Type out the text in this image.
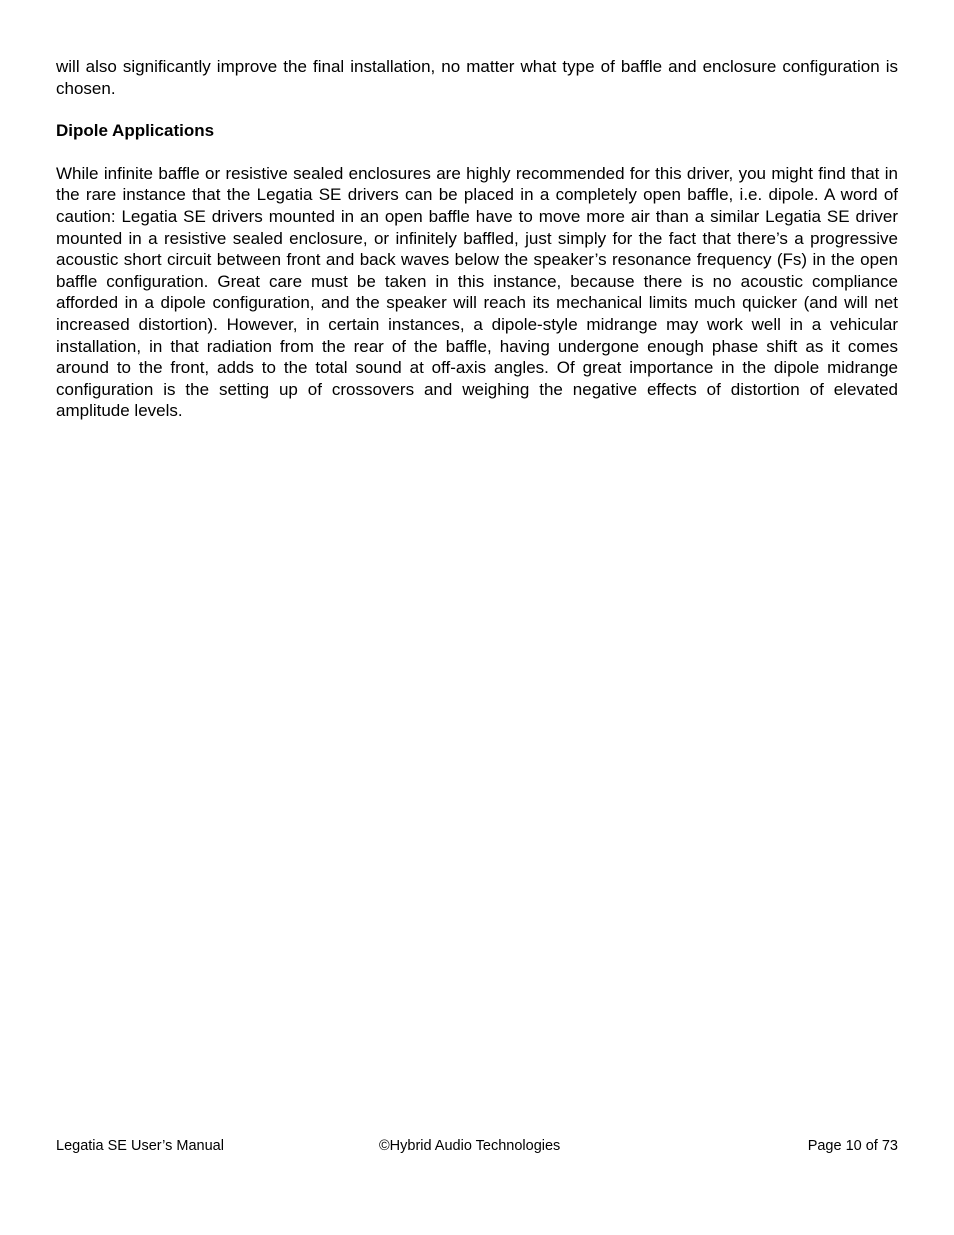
will also significantly improve the final installation, no matter what type of baffle and enclosure configuration is chosen.

Dipole Applications

While infinite baffle or resistive sealed enclosures are highly recommended for this driver, you might find that in the rare instance that the Legatia SE drivers can be placed in a completely open baffle, i.e. dipole. A word of caution: Legatia SE drivers mounted in an open baffle have to move more air than a similar Legatia SE driver mounted in a resistive sealed enclosure, or infinitely baffled, just simply for the fact that there’s a progressive acoustic short circuit between front and back waves below the speaker’s resonance frequency (Fs) in the open baffle configuration. Great care must be taken in this instance, because there is no acoustic compliance afforded in a dipole configuration, and the speaker will reach its mechanical limits much quicker (and will net increased distortion). However, in certain instances, a dipole-style midrange may work well in a vehicular installation, in that radiation from the rear of the baffle, having undergone enough phase shift as it comes around to the front, adds to the total sound at off-axis angles. Of great importance in the dipole midrange configuration is the setting up of crossovers and weighing the negative effects of distortion of elevated amplitude levels.

Legatia SE User’s Manual	©Hybrid Audio Technologies	Page 10 of 73
